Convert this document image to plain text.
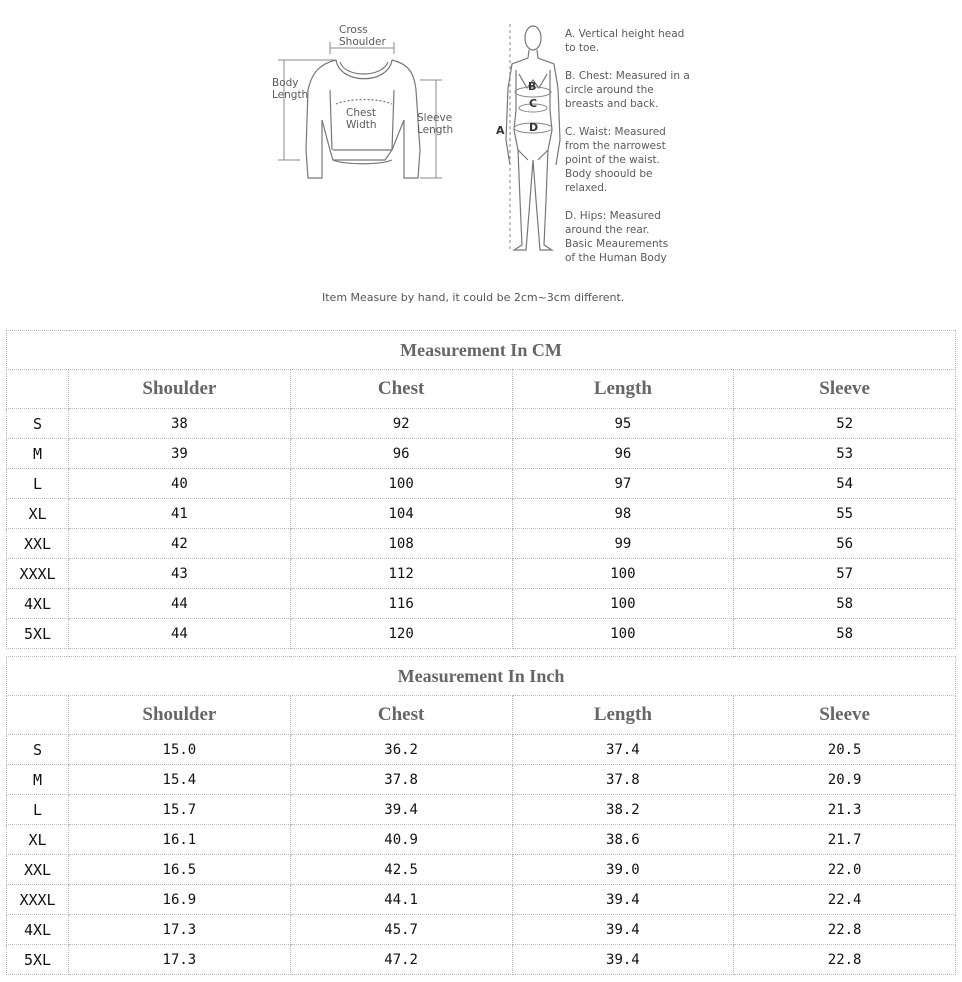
Cross
Shoulder
Body
Length
Chest
Width
Sleeve
Length	A
B
C
D
A. Vertical height head
to toe.
B. Chest: Measured in a
circle around the
breasts and back.
C. Waist: Measured
from the narrowest
point of the waist.
Body shoould be
relaxed.
D. Hips: Measured
around the rear.
Basic Meaurements
of the Human Body
Item Measure by hand, it could be 2cm~3cm different.
Measurement In CM				
	Shoulder	Chest	Length	Sleeve
S	38	92	95	52
M	39	96	96	53
L	40	100	97	54
XL	41	104	98	55
XXL	42	108	99	56
XXXL	43	112	100	57
4XL	44	116	100	58
5XL	44	120	100	58
Measurement In Inch				
	Shoulder	Chest	Length	Sleeve
S	15.0	36.2	37.4	20.5
M	15.4	37.8	37.8	20.9
L	15.7	39.4	38.2	21.3
XL	16.1	40.9	38.6	21.7
XXL	16.5	42.5	39.0	22.0
XXXL	16.9	44.1	39.4	22.4
4XL	17.3	45.7	39.4	22.8
5XL	17.3	47.2	39.4	22.8
